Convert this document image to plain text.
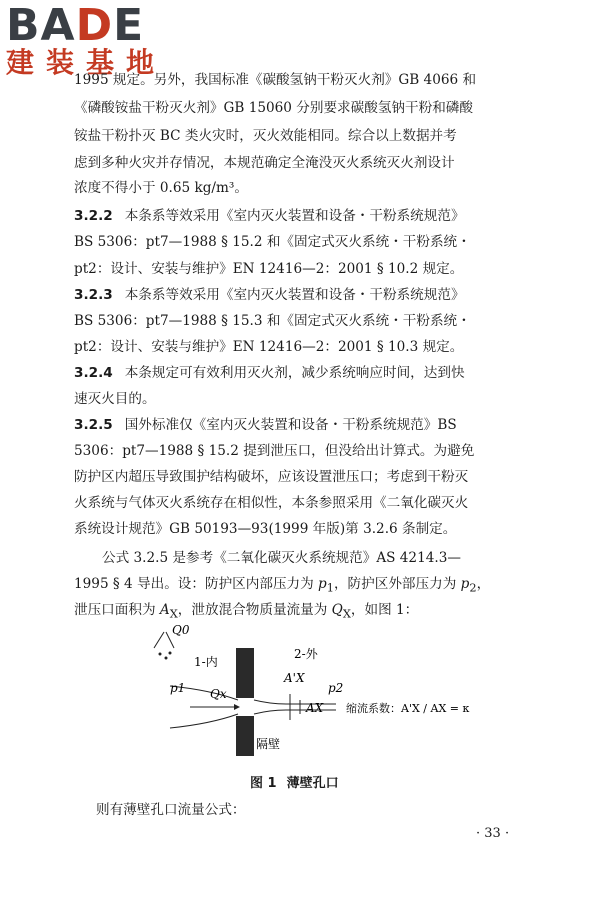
BADE
建装基地
1995 规定。另外，我国标准《碳酸氢钠干粉灭火剂》GB 4066 和
《磷酸铵盐干粉灭火剂》GB 15060 分别要求碳酸氢钠干粉和磷酸
铵盐干粉扑灭 BC 类火灾时，灭火效能相同。综合以上数据并考
虑到多种火灾并存情况，本规范确定全淹没灭火系统灭火剂设计
浓度不得小于 0.65 kg/m³。
3.2.2 本条系等效采用《室内灭火装置和设备・干粉系统规范》
BS 5306：pt7—1988 § 15.2 和《固定式灭火系统・干粉系统・
pt2：设计、安装与维护》EN 12416—2：2001 § 10.2 规定。
3.2.3 本条系等效采用《室内灭火装置和设备・干粉系统规范》
BS 5306：pt7—1988 § 15.3 和《固定式灭火系统・干粉系统・
pt2：设计、安装与维护》EN 12416—2：2001 § 10.3 规定。
3.2.4 本条规定可有效利用灭火剂，减少系统响应时间，达到快
速灭火目的。
3.2.5 国外标准仅《室内灭火装置和设备・干粉系统规范》BS
5306：pt7—1988 § 15.2 提到泄压口，但没给出计算式。为避免
防护区内超压导致围护结构破坏，应该设置泄压口；考虑到干粉灭
火系统与气体灭火系统存在相似性，本条参照采用《二氧化碳灭火
系统设计规范》GB 50193—93(1999 年版)第 3.2.6 条制定。
公式 3.2.5 是参考《二氧化碳灭火系统规范》AS 4214.3—
1995 § 4 导出。设：防护区内部压力为 $p_1$，防护区外部压力为 $p_2$，
泄压口面积为 $A_X$，泄放混合物质量流量为 $Q_X$，如图 1：
Q0
1-内
2-外
p1	p2
Qx
A'X
AX 缩流系数：A'X / AX = κ
隔壁
图 1 薄壁孔口
则有薄壁孔口流量公式：
· 33 ·
